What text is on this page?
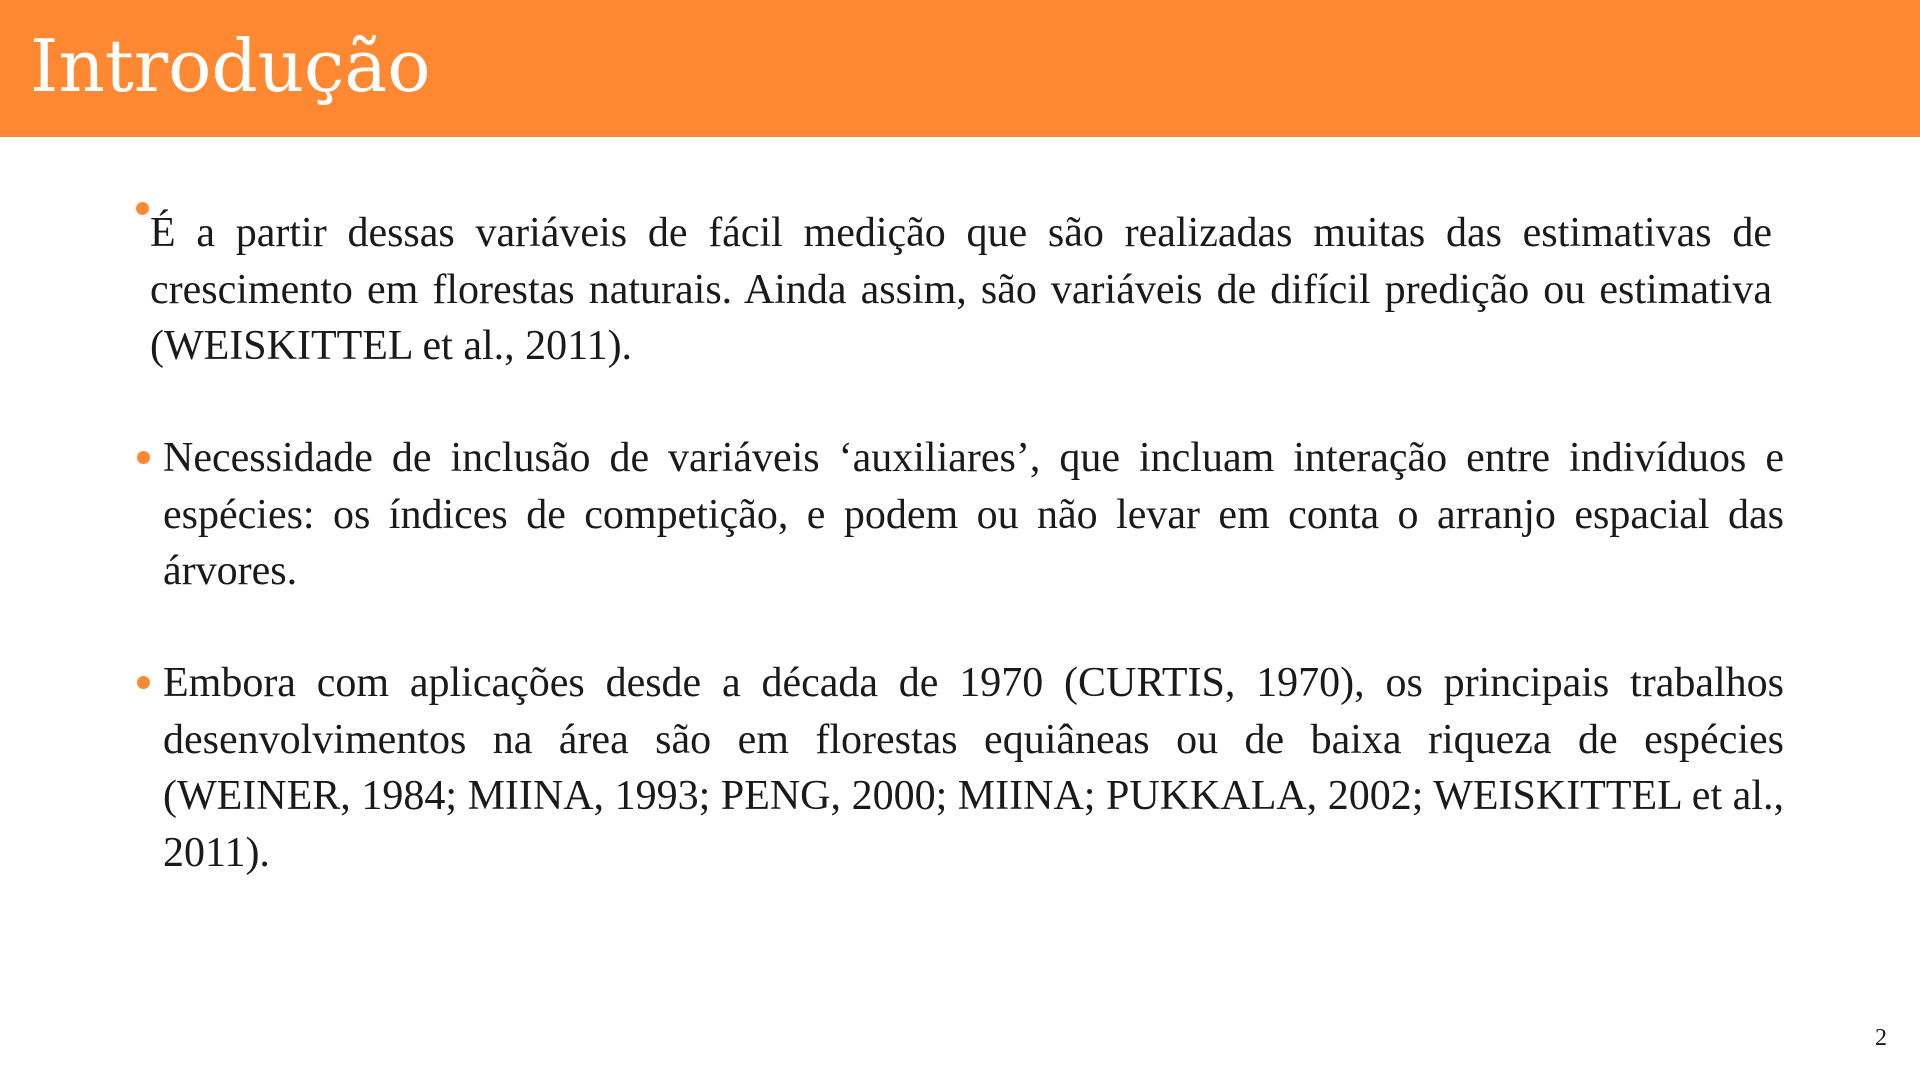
Introdução
É a partir dessas variáveis de fácil medição que são realizadas muitas das estimativas de crescimento em florestas naturais. Ainda assim, são variáveis de difícil predição ou estimativa (WEISKITTEL et al., 2011).
Necessidade de inclusão de variáveis ‘auxiliares’, que incluam interação entre indivíduos e espécies: os índices de competição, e podem ou não levar em conta o arranjo espacial das árvores.
Embora com aplicações desde a década de 1970 (CURTIS, 1970), os principais trabalhos desenvolvimentos na área são em florestas equiâneas ou de baixa riqueza de espécies (WEINER, 1984; MIINA, 1993; PENG, 2000; MIINA; PUKKALA, 2002; WEISKITTEL et al., 2011).
2
